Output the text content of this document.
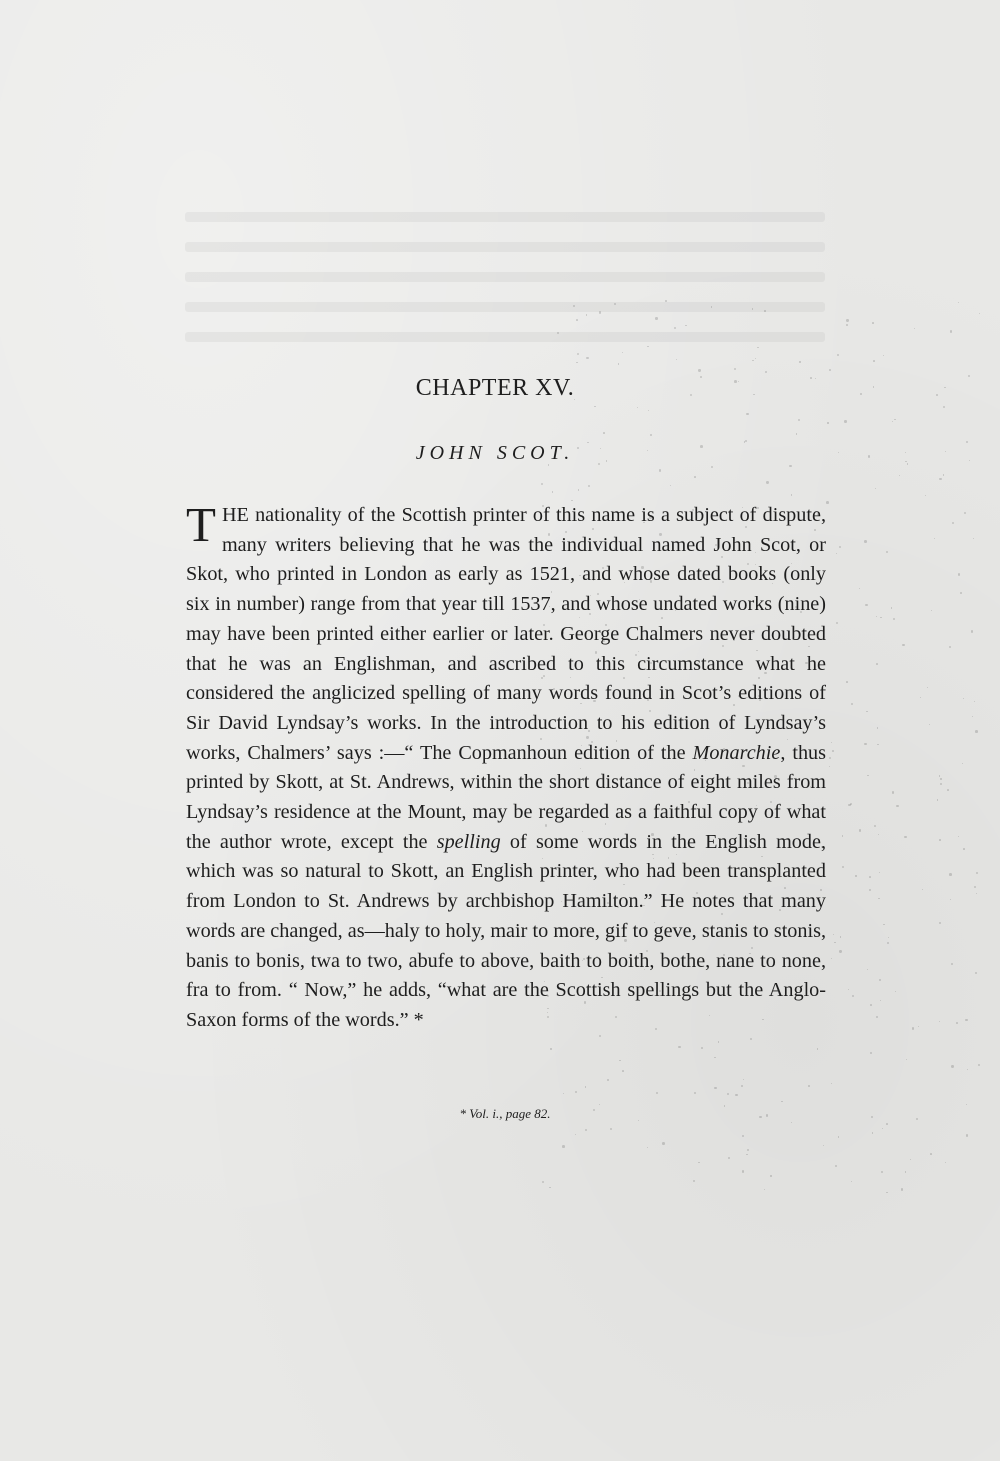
CHAPTER XV.
JOHN SCOT.
T HE nationality of the Scottish printer of this name is a subject of dispute, many writers believing that he was the individual named John Scot, or Skot, who printed in London as early as 1521, and whose dated books (only six in number) range from that year till 1537, and whose undated works (nine) may have been printed either earlier or later. George Chalmers never doubted that he was an Englishman, and ascribed to this circumstance what he considered the anglicized spelling of many words found in Scot’s editions of Sir David Lyndsay’s works. In the introduction to his edition of Lyndsay’s works, Chalmers’ says :—“ The Copmanhoun edition of the Monarchie, thus printed by Skott, at St. Andrews, within the short distance of eight miles from Lyndsay’s residence at the Mount, may be regarded as a faithful copy of what the author wrote, except the spelling of some words in the English mode, which was so natural to Skott, an English printer, who had been transplanted from London to St. Andrews by archbishop Hamilton.” He notes that many words are changed, as—haly to holy, mair to more, gif to geve, stanis to stonis, banis to bonis, twa to two, abufe to above, baith to boith, bothe, nane to none, fra to from. “ Now,” he adds, “what are the Scottish spellings but the Anglo-Saxon forms of the words.” *
* Vol. i., page 82.
